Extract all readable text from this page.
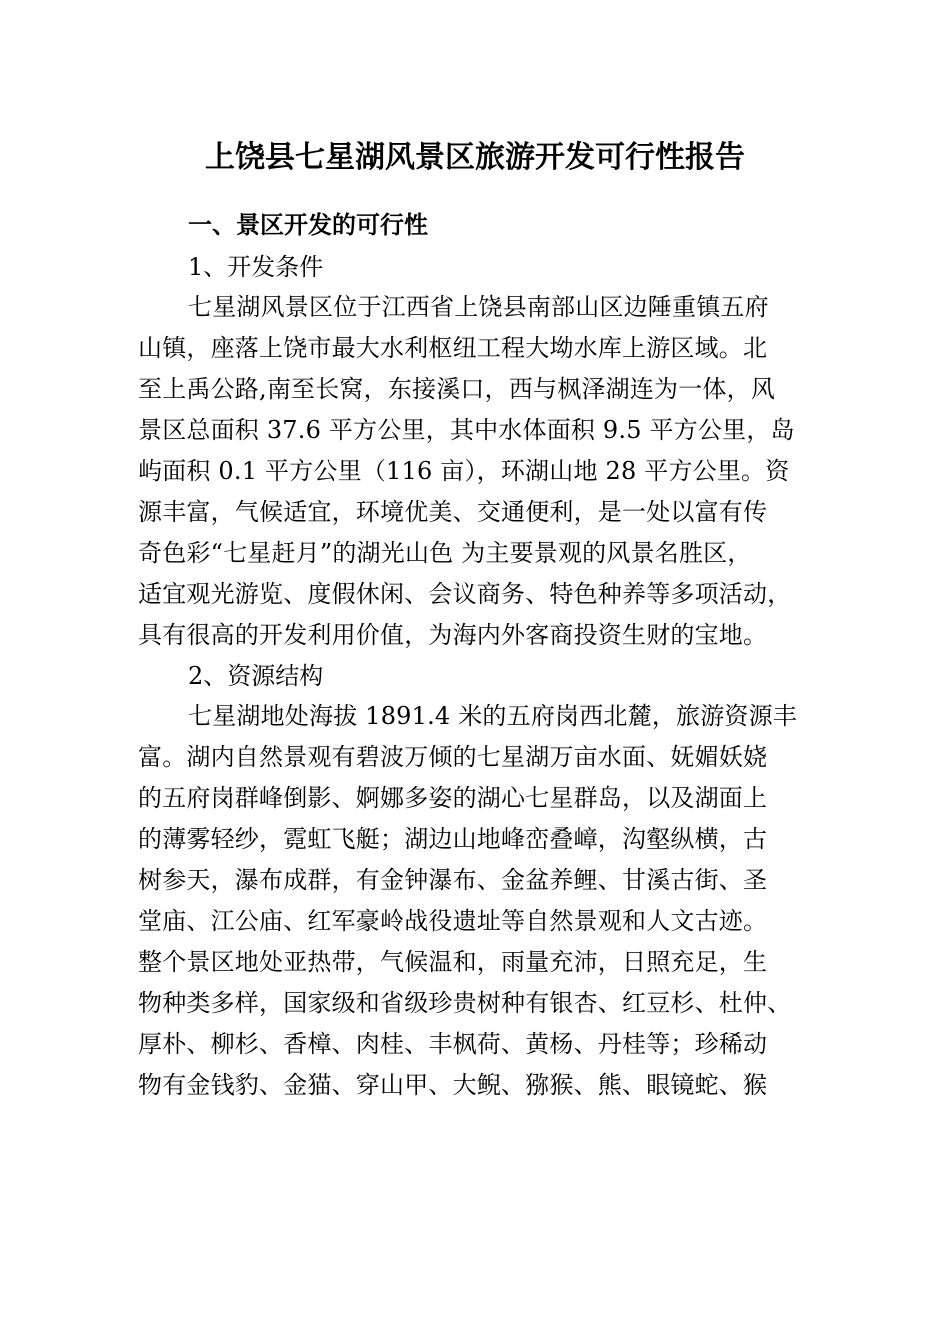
上饶县七星湖风景区旅游开发可行性报告
一、景区开发的可行性
1、开发条件
七星湖风景区位于江西省上饶县南部山区边陲重镇五府
山镇，座落上饶市最大水利枢纽工程大坳水库上游区域。北
至上禹公路,南至长窝，东接溪口，西与枫泽湖连为一体，风
景区总面积 37.6 平方公里，其中水体面积 9.5 平方公里，岛
屿面积 0.1 平方公里（116 亩），环湖山地 28 平方公里。资
源丰富，气候适宜，环境优美、交通便利，是一处以富有传
奇色彩“七星赶月”的湖光山色 为主要景观的风景名胜区，
适宜观光游览、度假休闲、会议商务、特色种养等多项活动，
具有很高的开发利用价值，为海内外客商投资生财的宝地。
2、资源结构
七星湖地处海拔 1891.4 米的五府岗西北麓，旅游资源丰
富。湖内自然景观有碧波万倾的七星湖万亩水面、妩媚妖娆
的五府岗群峰倒影、婀娜多姿的湖心七星群岛，以及湖面上
的薄雾轻纱，霓虹飞艇；湖边山地峰峦叠嶂，沟壑纵横，古
树参天，瀑布成群，有金钟瀑布、金盆养鲤、甘溪古街、圣
堂庙、江公庙、红军豪岭战役遗址等自然景观和人文古迹。
整个景区地处亚热带，气候温和，雨量充沛，日照充足，生
物种类多样，国家级和省级珍贵树种有银杏、红豆杉、杜仲、
厚朴、柳杉、香樟、肉桂、丰枫荷、黄杨、丹桂等；珍稀动
物有金钱豹、金猫、穿山甲、大鲵、猕猴、熊、眼镜蛇、猴
